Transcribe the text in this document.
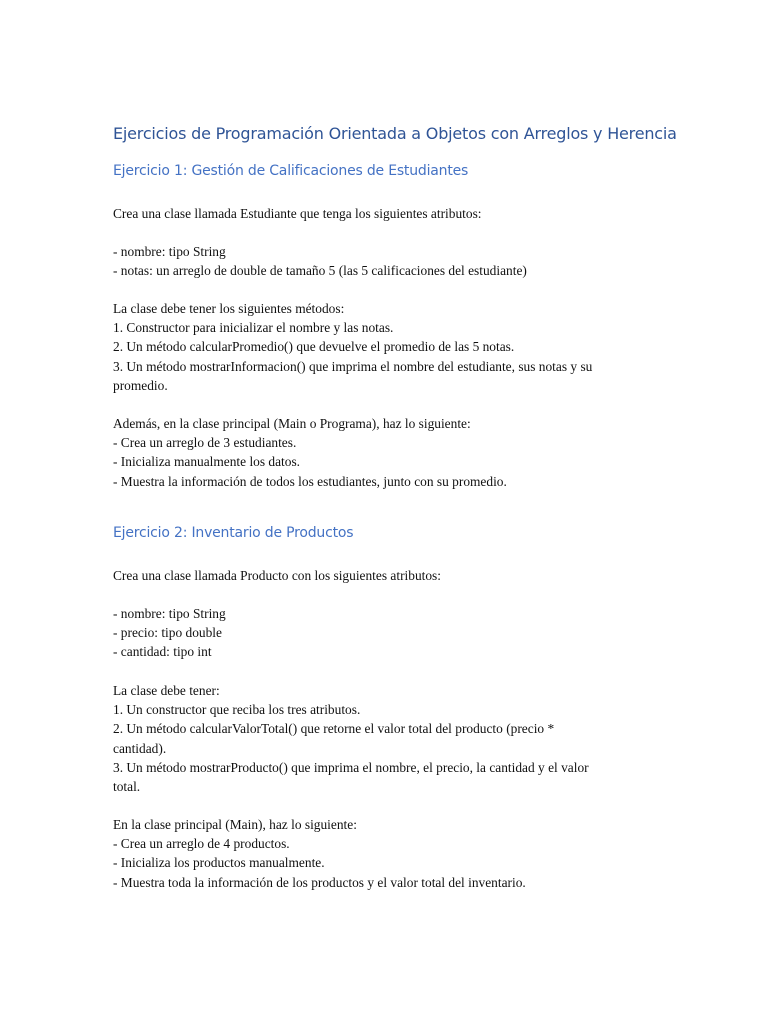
Ejercicios de Programación Orientada a Objetos con Arreglos y Herencia
Ejercicio 1: Gestión de Calificaciones de Estudiantes
Crea una clase llamada Estudiante que tenga los siguientes atributos:
- nombre: tipo String
- notas: un arreglo de double de tamaño 5 (las 5 calificaciones del estudiante)
La clase debe tener los siguientes métodos:
1. Constructor para inicializar el nombre y las notas.
2. Un método calcularPromedio() que devuelve el promedio de las 5 notas.
3. Un método mostrarInformacion() que imprima el nombre del estudiante, sus notas y su
promedio.
Además, en la clase principal (Main o Programa), haz lo siguiente:
- Crea un arreglo de 3 estudiantes.
- Inicializa manualmente los datos.
- Muestra la información de todos los estudiantes, junto con su promedio.
Ejercicio 2: Inventario de Productos
Crea una clase llamada Producto con los siguientes atributos:
- nombre: tipo String
- precio: tipo double
- cantidad: tipo int
La clase debe tener:
1. Un constructor que reciba los tres atributos.
2. Un método calcularValorTotal() que retorne el valor total del producto (precio *
cantidad).
3. Un método mostrarProducto() que imprima el nombre, el precio, la cantidad y el valor
total.
En la clase principal (Main), haz lo siguiente:
- Crea un arreglo de 4 productos.
- Inicializa los productos manualmente.
- Muestra toda la información de los productos y el valor total del inventario.
